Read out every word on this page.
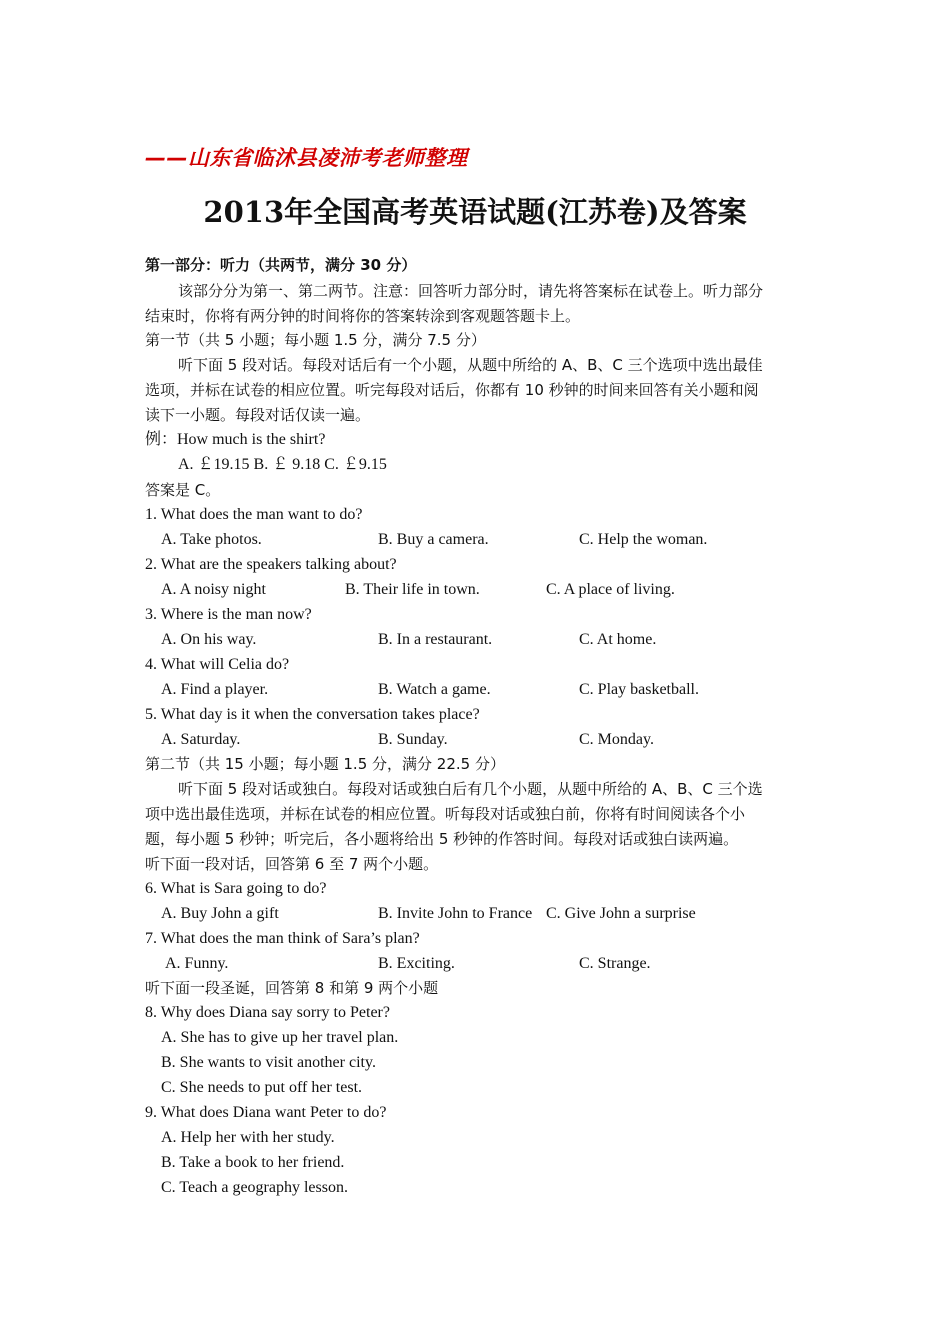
——山东省临沭县凌沛考老师整理
2013年全国高考英语试题(江苏卷)及答案
第一部分：听力（共两节，满分 30 分）
该部分分为第一、第二两节。注意：回答听力部分时，请先将答案标在试卷上。听力部分
结束时，你将有两分钟的时间将你的答案转涂到客观题答题卡上。
第一节（共 5 小题；每小题 1.5 分，满分 7.5 分）
听下面 5 段对话。每段对话后有一个小题，从题中所给的 A、B、C 三个选项中选出最佳
选项，并标在试卷的相应位置。听完每段对话后，你都有 10 秒钟的时间来回答有关小题和阅
读下一小题。每段对话仅读一遍。
例：How much is the shirt?
A. ￡19.15 B. ￡ 9.18 C. ￡9.15
答案是 C。
1. What does the man want to do?
A. Take photos.	B. Buy a camera.	C. Help the woman.
2. What are the speakers talking about?
A. A noisy night	B. Their life in town.	C. A place of living.
3. Where is the man now?
A. On his way.	B. In a restaurant.	C. At home.
4. What will Celia do?
A. Find a player.	B. Watch a game.	C. Play basketball.
5. What day is it when the conversation takes place?
A. Saturday.	B. Sunday.	C. Monday.
第二节（共 15 小题；每小题 1.5 分，满分 22.5 分）
听下面 5 段对话或独白。每段对话或独白后有几个小题，从题中所给的 A、B、C 三个选
项中选出最佳选项，并标在试卷的相应位置。听每段对话或独白前，你将有时间阅读各个小
题，每小题 5 秒钟；听完后，各小题将给出 5 秒钟的作答时间。每段对话或独白读两遍。
听下面一段对话，回答第 6 至 7 两个小题。
6. What is Sara going to do?
A. Buy John a gift	B. Invite John to France C. Give John a surprise
7. What does the man think of Sara’s plan?
A. Funny.	B. Exciting.	C. Strange.
听下面一段圣诞，回答第 8 和第 9 两个小题
8. Why does Diana say sorry to Peter?
A. She has to give up her travel plan.
B. She wants to visit another city.
C. She needs to put off her test.
9. What does Diana want Peter to do?
A. Help her with her study.
B. Take a book to her friend.
C. Teach a geography lesson.
